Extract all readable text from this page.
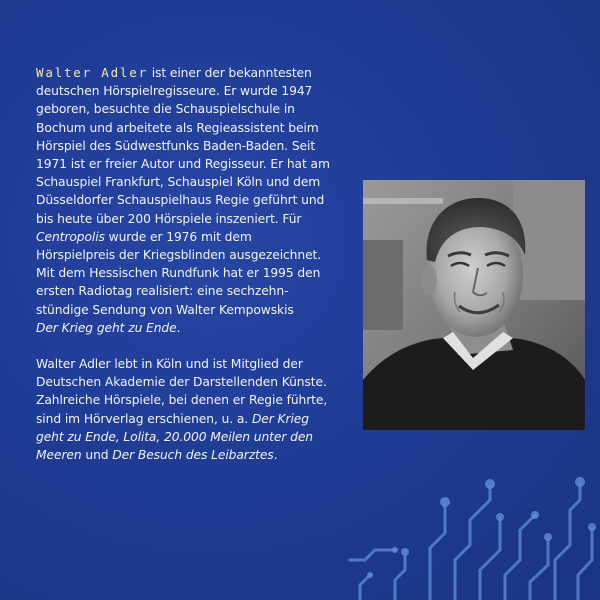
Walter Adler ist einer der bekanntesten
deutschen Hörspielregisseure. Er wurde 1947
geboren, besuchte die Schauspielschule in
Bochum und arbeitete als Regieassistent beim
Hörspiel des Südwestfunks Baden-Baden. Seit
1971 ist er freier Autor und Regisseur. Er hat am
Schauspiel Frankfurt, Schauspiel Köln und dem
Düsseldorfer Schauspielhaus Regie geführt und
bis heute über 200 Hörspiele inszeniert. Für
Centropolis wurde er 1976 mit dem
Hörspielpreis der Kriegsblinden ausgezeichnet.
Mit dem Hessischen Rundfunk hat er 1995 den
ersten Radiotag realisiert: eine sechzehn-
stündige Sendung von Walter Kempowskis
Der Krieg geht zu Ende.

Walter Adler lebt in Köln und ist Mitglied der
Deutschen Akademie der Darstellenden Künste.
Zahlreiche Hörspiele, bei denen er Regie führte,
sind im Hörverlag erschienen, u. a. Der Krieg
geht zu Ende, Lolita, 20.000 Meilen unter den
Meeren und Der Besuch des Leibarztes.
